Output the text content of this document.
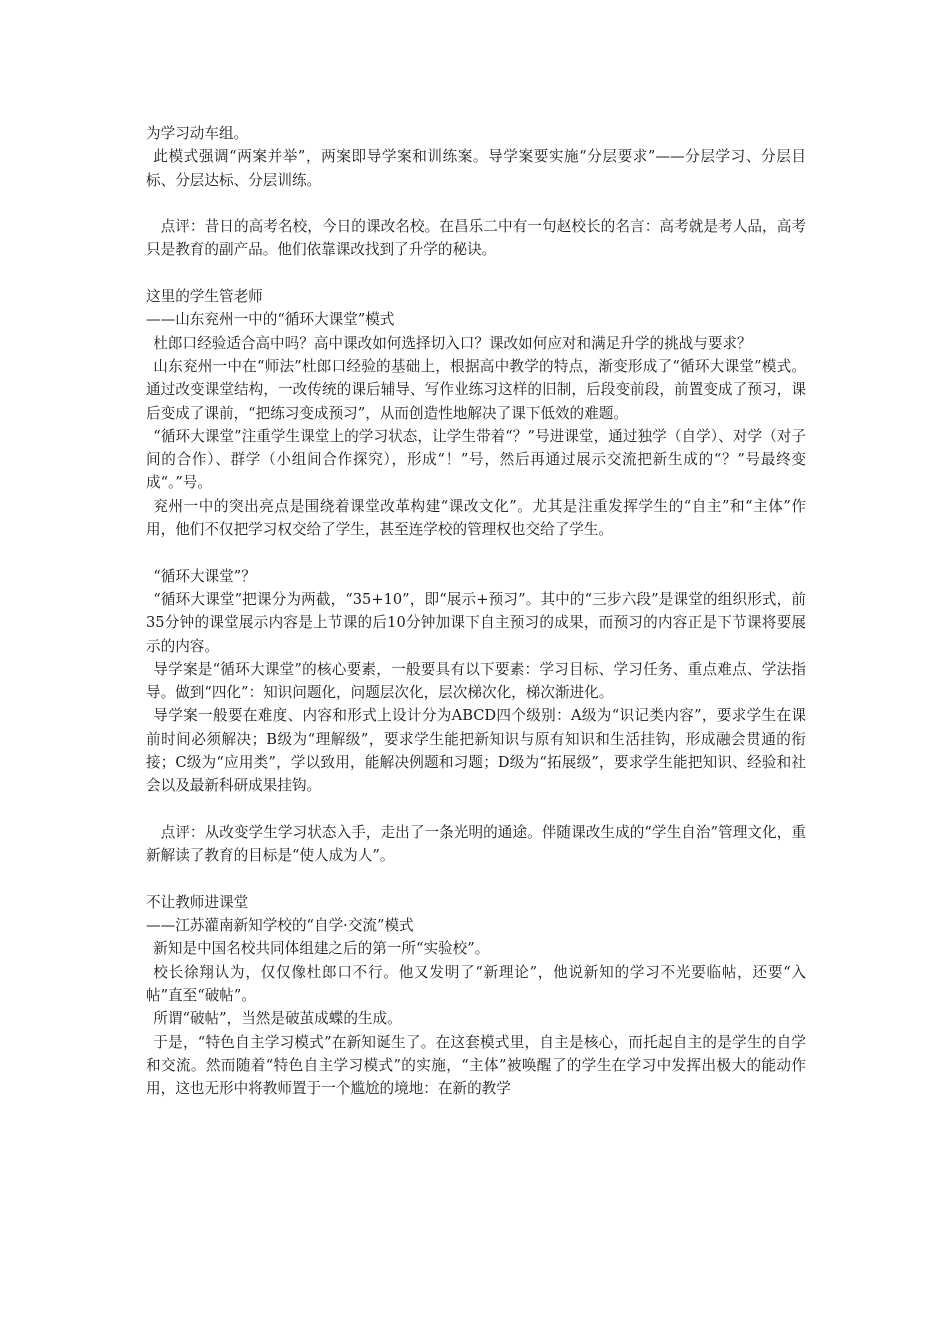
为学习动车组。

此模式强调“两案并举”，两案即导学案和训练案。导学案要实施“分层要求”——分层学习、分层目标、分层达标、分层训练。

点评：昔日的高考名校，今日的课改名校。在昌乐二中有一句赵校长的名言：高考就是考人品，高考只是教育的副产品。他们依靠课改找到了升学的秘诀。

这里的学生管老师

——山东兖州一中的“循环大课堂”模式

杜郎口经验适合高中吗？高中课改如何选择切入口？课改如何应对和满足升学的挑战与要求？

山东兖州一中在“师法”杜郎口经验的基础上，根据高中教学的特点，渐变形成了“循环大课堂”模式。通过改变课堂结构，一改传统的课后辅导、写作业练习这样的旧制，后段变前段，前置变成了预习，课后变成了课前，“把练习变成预习”，从而创造性地解决了课下低效的难题。

“循环大课堂”注重学生课堂上的学习状态，让学生带着“？”号进课堂，通过独学（自学）、对学（对子间的合作）、群学（小组间合作探究），形成“！”号，然后再通过展示交流把新生成的“？”号最终变成“。”号。

兖州一中的突出亮点是围绕着课堂改革构建“课改文化”。尤其是注重发挥学生的“自主”和“主体”作用，他们不仅把学习权交给了学生，甚至连学校的管理权也交给了学生。

“循环大课堂”？

“循环大课堂”把课分为两截，“35+10”，即“展示+预习”。其中的“三步六段”是课堂的组织形式，前35分钟的课堂展示内容是上节课的后10分钟加课下自主预习的成果，而预习的内容正是下节课将要展示的内容。

导学案是“循环大课堂”的核心要素，一般要具有以下要素：学习目标、学习任务、重点难点、学法指导。做到“四化”：知识问题化，问题层次化，层次梯次化，梯次渐进化。

导学案一般要在难度、内容和形式上设计分为ABCD四个级别：A级为“识记类内容”，要求学生在课前时间必须解决；B级为“理解级”，要求学生能把新知识与原有知识和生活挂钩，形成融会贯通的衔接；C级为“应用类”，学以致用，能解决例题和习题；D级为“拓展级”，要求学生能把知识、经验和社会以及最新科研成果挂钩。

点评：从改变学生学习状态入手，走出了一条光明的通途。伴随课改生成的“学生自治”管理文化，重新解读了教育的目标是“使人成为人”。

不让教师进课堂

——江苏灌南新知学校的“自学·交流”模式

新知是中国名校共同体组建之后的第一所“实验校”。

校长徐翔认为，仅仅像杜郎口不行。他又发明了“新理论”，他说新知的学习不光要临帖，还要“入帖”直至“破帖”。

所谓“破帖”，当然是破茧成蝶的生成。

于是，“特色自主学习模式”在新知诞生了。在这套模式里，自主是核心，而托起自主的是学生的自学和交流。然而随着“特色自主学习模式”的实施，“主体”被唤醒了的学生在学习中发挥出极大的能动作用，这也无形中将教师置于一个尴尬的境地：在新的教学
